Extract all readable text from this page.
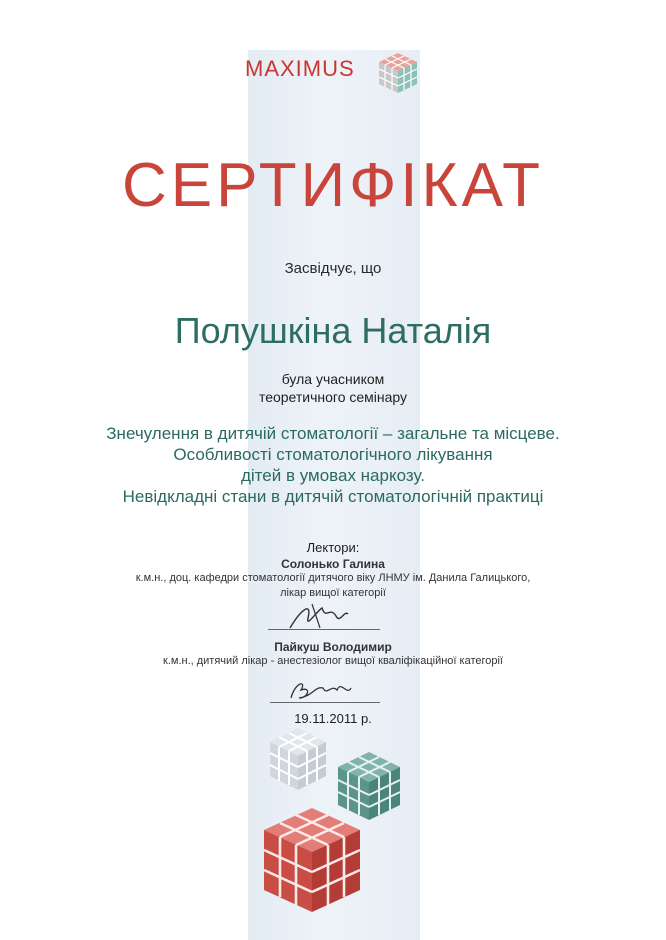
MAXIMUS
СЕРТИФІКАТ
Засвідчує, що
Полушкіна Наталія
була учасником
теоретичного семінару
Знечулення в дитячій стоматології – загальне та місцеве.
Особливості стоматологічного лікування
дітей в умовах наркозу.
Невідкладні стани в дитячій стоматологічній практиці
Лектори:
Солонько Галина
к.м.н., доц. кафедри стоматології дитячого віку ЛНМУ ім. Данила Галицького,
лікар вищої категорії
Пайкуш Володимир
к.м.н., дитячий лікар - анестезіолог вищої кваліфікаційної категорії
19.11.2011 р.
